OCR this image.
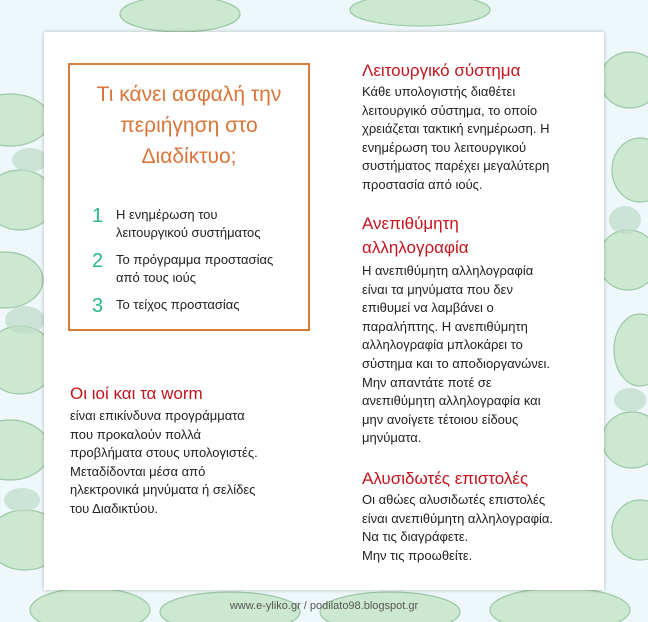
Τι κάνει ασφαλή την
περιήγηση στο
Διαδίκτυο;
1 Η ενημέρωση του
λειτουργικού συστήματος
2 Το πρόγραμμα προστασίας
από τους ιούς
3 Το τείχος προστασίας
Οι ιοί και τα worm
είναι επικίνδυνα προγράμματα
που προκαλούν πολλά
προβλήματα στους υπολογιστές.
Μεταδίδονται μέσα από
ηλεκτρονικά μηνύματα ή σελίδες
του Διαδικτύου.
Λειτουργικό σύστημα
Κάθε υπολογιστής διαθέτει
λειτουργικό σύστημα, το οποίο
χρειάζεται τακτική ενημέρωση. Η
ενημέρωση του λειτουργικού
συστήματος παρέχει μεγαλύτερη
προστασία από ιούς.
Ανεπιθύμητη
αλληλογραφία
Η ανεπιθύμητη αλληλογραφία
είναι τα μηνύματα που δεν
επιθυμεί να λαμβάνει ο
παραλήπτης. Η ανεπιθύμητη
αλληλογραφία μπλοκάρει το
σύστημα και το αποδιοργανώνει.
Μην απαντάτε ποτέ σε
ανεπιθύμητη αλληλογραφία και
μην ανοίγετε τέτοιου είδους
μηνύματα.
Αλυσιδωτές επιστολές
Οι αθώες αλυσιδωτές επιστολές
είναι ανεπιθύμητη αλληλογραφία.
Να τις διαγράφετε.
Μην τις προωθείτε.
www.e-yliko.gr / podilato98.blogspot.gr
